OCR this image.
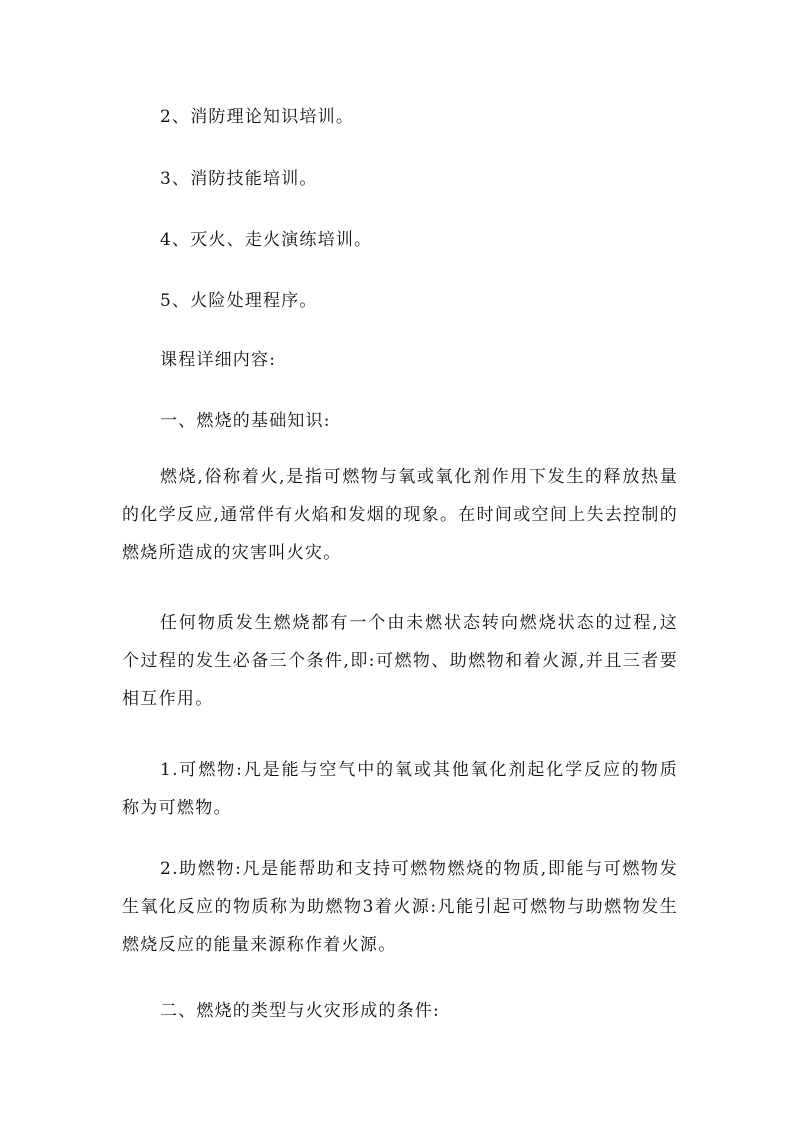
2、消防理论知识培训。
3、消防技能培训。
4、灭火、走火演练培训。
5、火险处理程序。
课程详细内容:
一、燃烧的基础知识:
燃烧,俗称着火,是指可燃物与氧或氧化剂作用下发生的释放热量的化学反应,通常伴有火焰和发烟的现象。在时间或空间上失去控制的燃烧所造成的灾害叫火灾。
任何物质发生燃烧都有一个由未燃状态转向燃烧状态的过程,这个过程的发生必备三个条件,即:可燃物、助燃物和着火源,并且三者要相互作用。
1.可燃物:凡是能与空气中的氧或其他氧化剂起化学反应的物质称为可燃物。
2.助燃物:凡是能帮助和支持可燃物燃烧的物质,即能与可燃物发生氧化反应的物质称为助燃物3着火源:凡能引起可燃物与助燃物发生燃烧反应的能量来源称作着火源。
二、燃烧的类型与火灾形成的条件:
